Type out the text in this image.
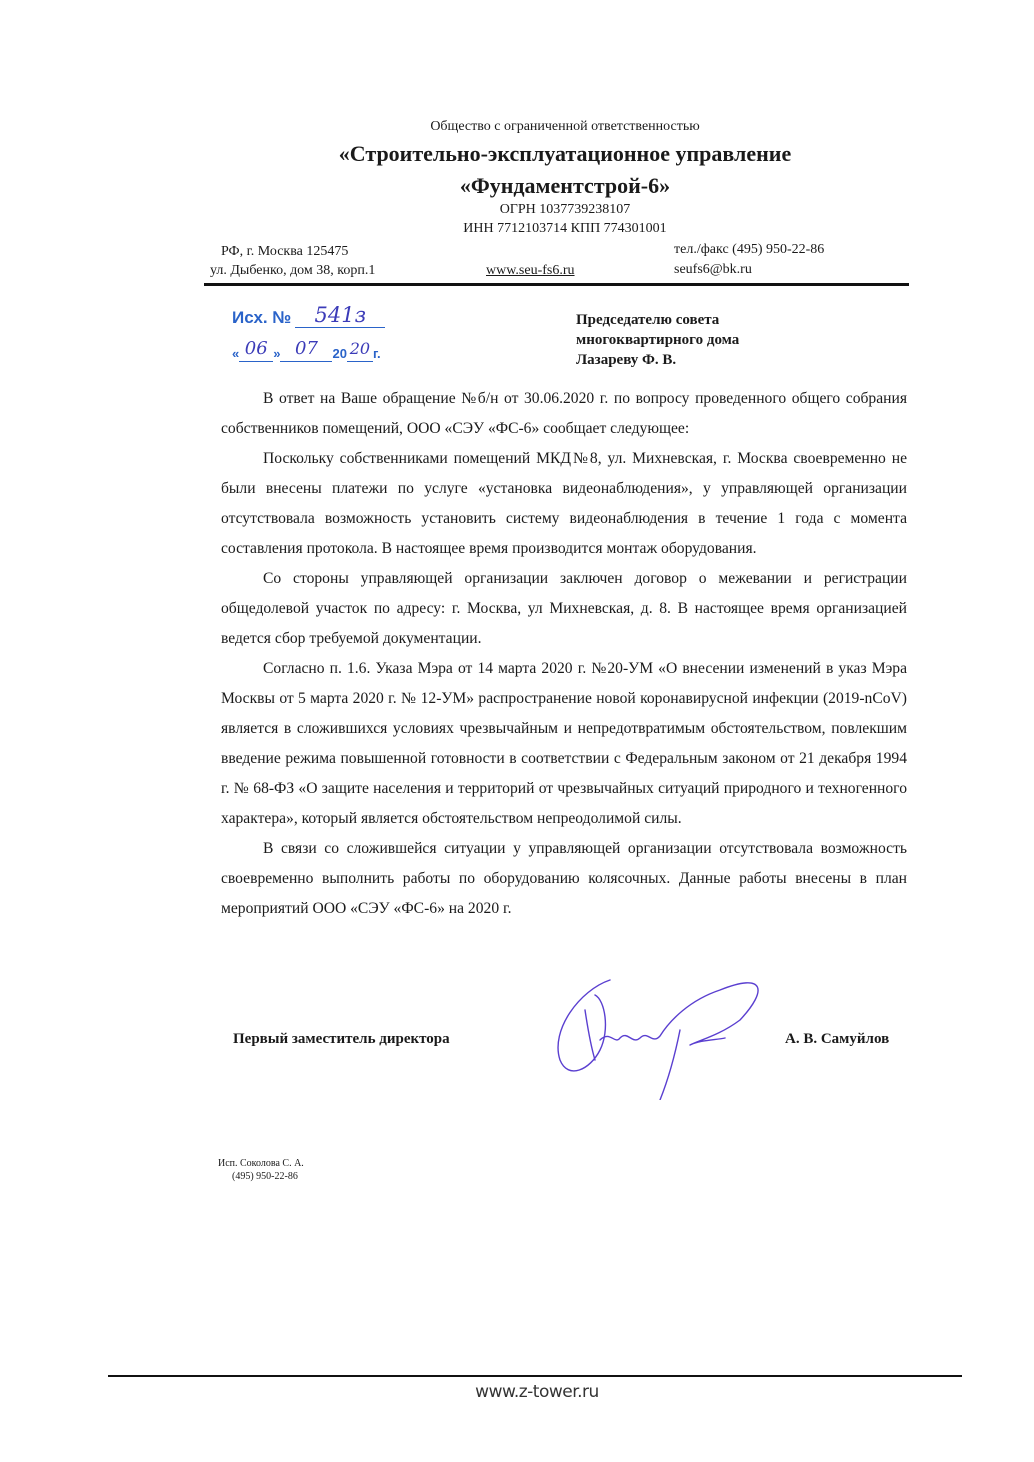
Общество с ограниченной ответственностью
«Строительно-эксплуатационное управление
«Фундаментстрой-6»
ОГРН 1037739238107
ИНН 7712103714 КПП 774301001
РФ, г. Москва 125475
ул. Дыбенко, дом 38, корп.1	www.seu-fs6.ru
тел./факс (495) 950-22-86
seufs6@bk.ru
Исх. №	541з
« 06 » 07	20 20 г.
Председателю совета
многоквартирного дома
Лазареву Ф. В.

В ответ на Ваше обращение №б/н от 30.06.2020 г. по вопросу проведенного общего собрания собственников помещений, ООО «СЭУ «ФС-6» сообщает следующее:

Поскольку собственниками помещений МКД№8, ул. Михневская, г. Москва своевременно не были внесены платежи по услуге «установка видеонаблюдения», у управляющей организации отсутствовала возможность установить систему видеонаблюдения в течение 1 года с момента составления протокола. В настоящее время производится монтаж оборудования.

Со стороны управляющей организации заключен договор о межевании и регистрации общедолевой участок по адресу: г. Москва, ул Михневская, д. 8. В настоящее время организацией ведется сбор требуемой документации.

Согласно п. 1.6. Указа Мэра от 14 марта 2020 г. №20-УМ «О внесении изменений в указ Мэра Москвы от 5 марта 2020 г. № 12-УМ» распространение новой коронавирусной инфекции (2019-nCoV) является в сложившихся условиях чрезвычайным и непредотвратимым обстоятельством, повлекшим введение режима повышенной готовности в соответствии с Федеральным законом от 21 декабря 1994 г. № 68-ФЗ «О защите населения и территорий от чрезвычайных ситуаций природного и техногенного характера», который является обстоятельством непреодолимой силы.

В связи со сложившейся ситуации у управляющей организации отсутствовала возможность своевременно выполнить работы по оборудованию колясочных. Данные работы внесены в план мероприятий ООО «СЭУ «ФС-6» на 2020 г.

Первый заместитель директора	А. В. Самуйлов
Исп. Соколова С. А.
(495) 950-22-86
www.z-tower.ru
